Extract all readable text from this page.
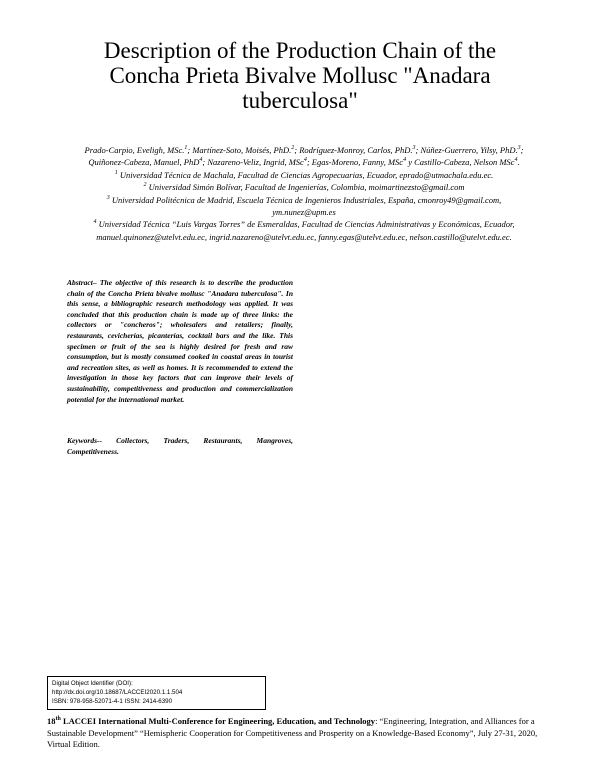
Description of the Production Chain of the Concha Prieta Bivalve Mollusc "Anadara tuberculosa"

Prado-Carpio, Eveligh, MSc.$^1$; Martínez-Soto, Moisés, PhD.$^2$; Rodríguez-Monroy, Carlos, PhD.$^3$; Núñez-Guerrero, Yilsy, PhD.$^3$; Quiñonez-Cabeza, Manuel, PhD$^4$; Nazareno-Veliz, Ingrid, MSc$^4$; Egas-Moreno, Fanny, MSc$^4$ y Castillo-Cabeza, Nelson MSc$^4$.

$^1$ Universidad Técnica de Machala, Facultad de Ciencias Agropecuarias, Ecuador, eprado@utmachala.edu.ec.

$^2$ Universidad Simón Bolívar, Facultad de Ingenierías, Colombia, moimartinezsto@gmail.com

$^3$ Universidad Politécnica de Madrid, Escuela Técnica de Ingenieros Industriales, España, cmonroy49@gmail.com, ym.nunez@upm.es

$^4$ Universidad Técnica “Luis Vargas Torres” de Esmeraldas, Facultad de Ciencias Administrativas y Económicas, Ecuador, manuel.quinonez@utelvt.edu.ec, ingrid.nazareno@utelvt.edu.ec, fanny.egas@utelvt.edu.ec, nelson.castillo@utelvt.edu.ec.

Abstract– The objective of this research is to describe the production chain of the Concha Prieta bivalve mollusc "Anadara tuberculosa". In this sense, a bibliographic research methodology was applied. It was concluded that this production chain is made up of three links: the collectors or "concheros"; wholesalers and retailers; finally, restaurants, cevicherías, picanterías, cocktail bars and the like. This specimen or fruit of the sea is highly desired for fresh and raw consumption, but is mostly consumed cooked in coastal areas in tourist and recreation sites, as well as homes. It is recommended to extend the investigation in those key factors that can improve their levels of sustainability, competitiveness and production and commercialization potential for the international market.

Keywords-- Collectors, Traders, Restaurants, Mangroves, Competitiveness.

Digital Object Identifier (DOI):
http://dx.doi.org/10.18687/LACCEI2020.1.1.504
ISBN: 978-958-52071-4-1 ISSN: 2414-6390
18th LACCEI International Multi-Conference for Engineering, Education, and Technology: “Engineering, Integration, and Alliances for a Sustainable Development” “Hemispheric Cooperation for Competitiveness and Prosperity on a Knowledge-Based Economy”, July 27-31, 2020, Virtual Edition.
